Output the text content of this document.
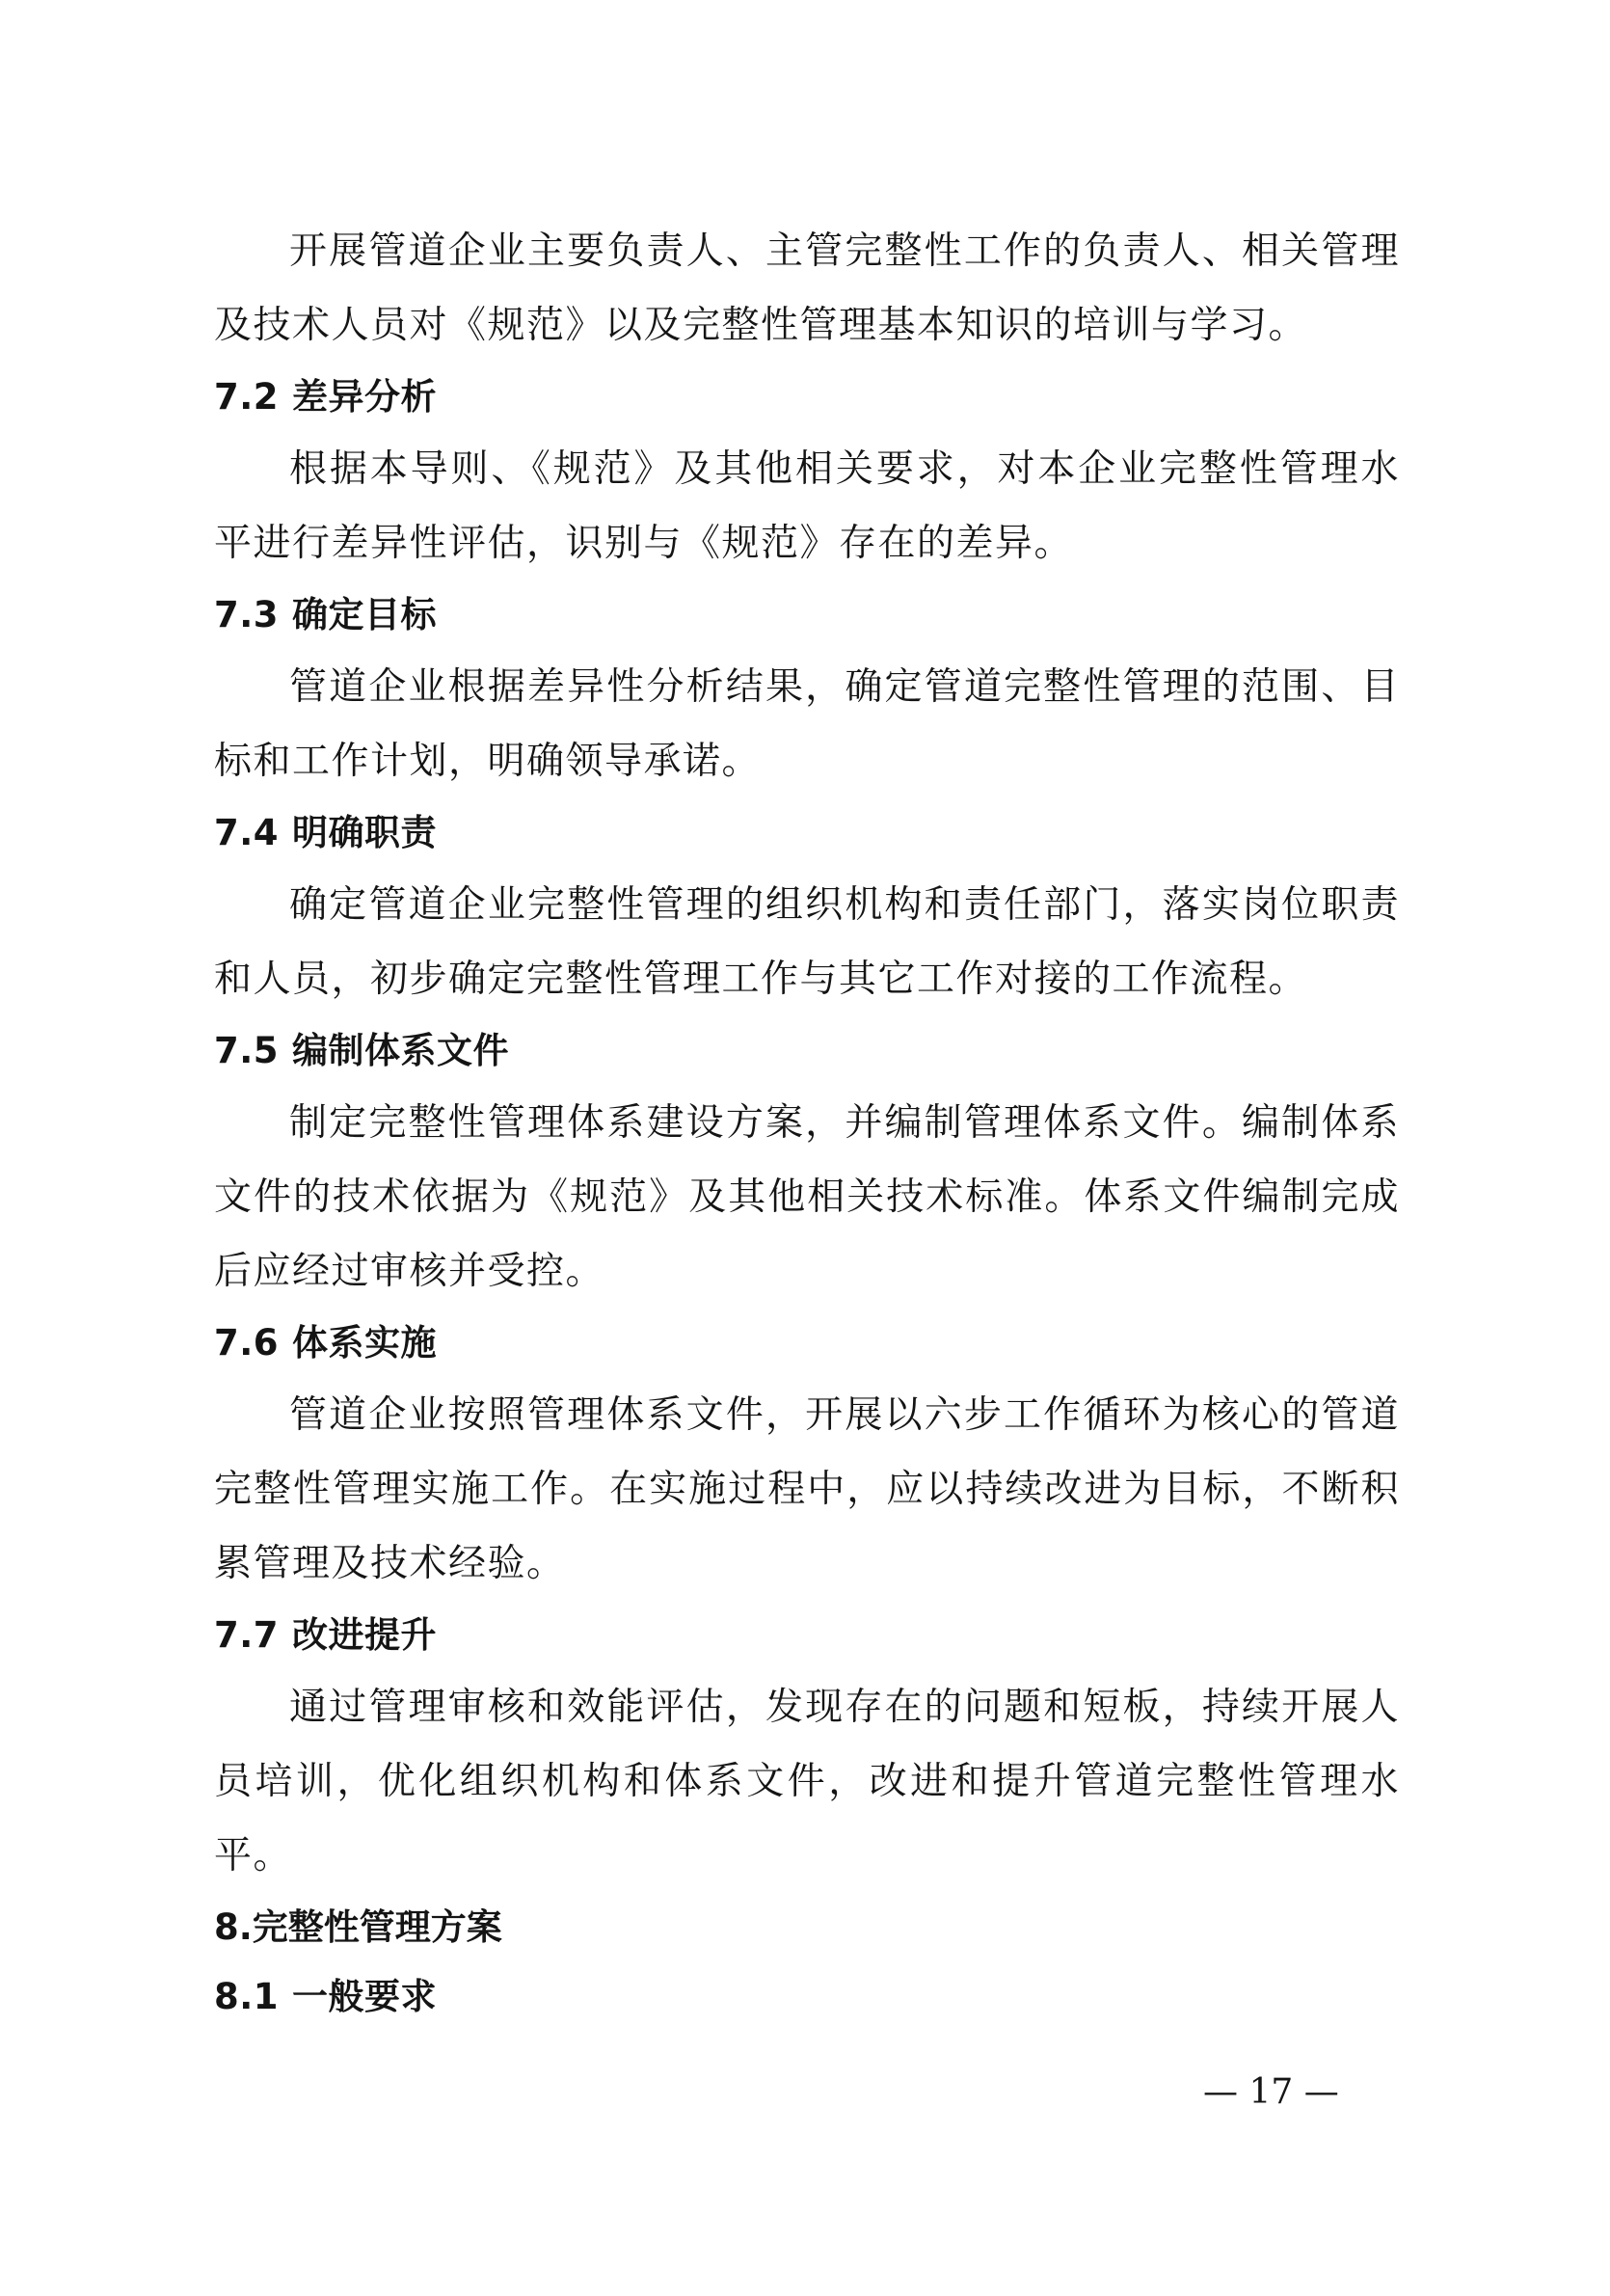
开展管道企业主要负责人、主管完整性工作的负责人、相关管理及技术人员对《规范》以及完整性管理基本知识的培训与学习。

7.2 差异分析

根据本导则、《规范》及其他相关要求，对本企业完整性管理水平进行差异性评估，识别与《规范》存在的差异。

7.3 确定目标

管道企业根据差异性分析结果，确定管道完整性管理的范围、目标和工作计划，明确领导承诺。

7.4 明确职责

确定管道企业完整性管理的组织机构和责任部门，落实岗位职责和人员，初步确定完整性管理工作与其它工作对接的工作流程。

7.5 编制体系文件

制定完整性管理体系建设方案，并编制管理体系文件。编制体系文件的技术依据为《规范》及其他相关技术标准。体系文件编制完成后应经过审核并受控。

7.6 体系实施

管道企业按照管理体系文件，开展以六步工作循环为核心的管道完整性管理实施工作。在实施过程中，应以持续改进为目标，不断积累管理及技术经验。

7.7 改进提升

通过管理审核和效能评估，发现存在的问题和短板，持续开展人员培训，优化组织机构和体系文件，改进和提升管道完整性管理水平。

8.完整性管理方案
8.1 一般要求
— 17 —
